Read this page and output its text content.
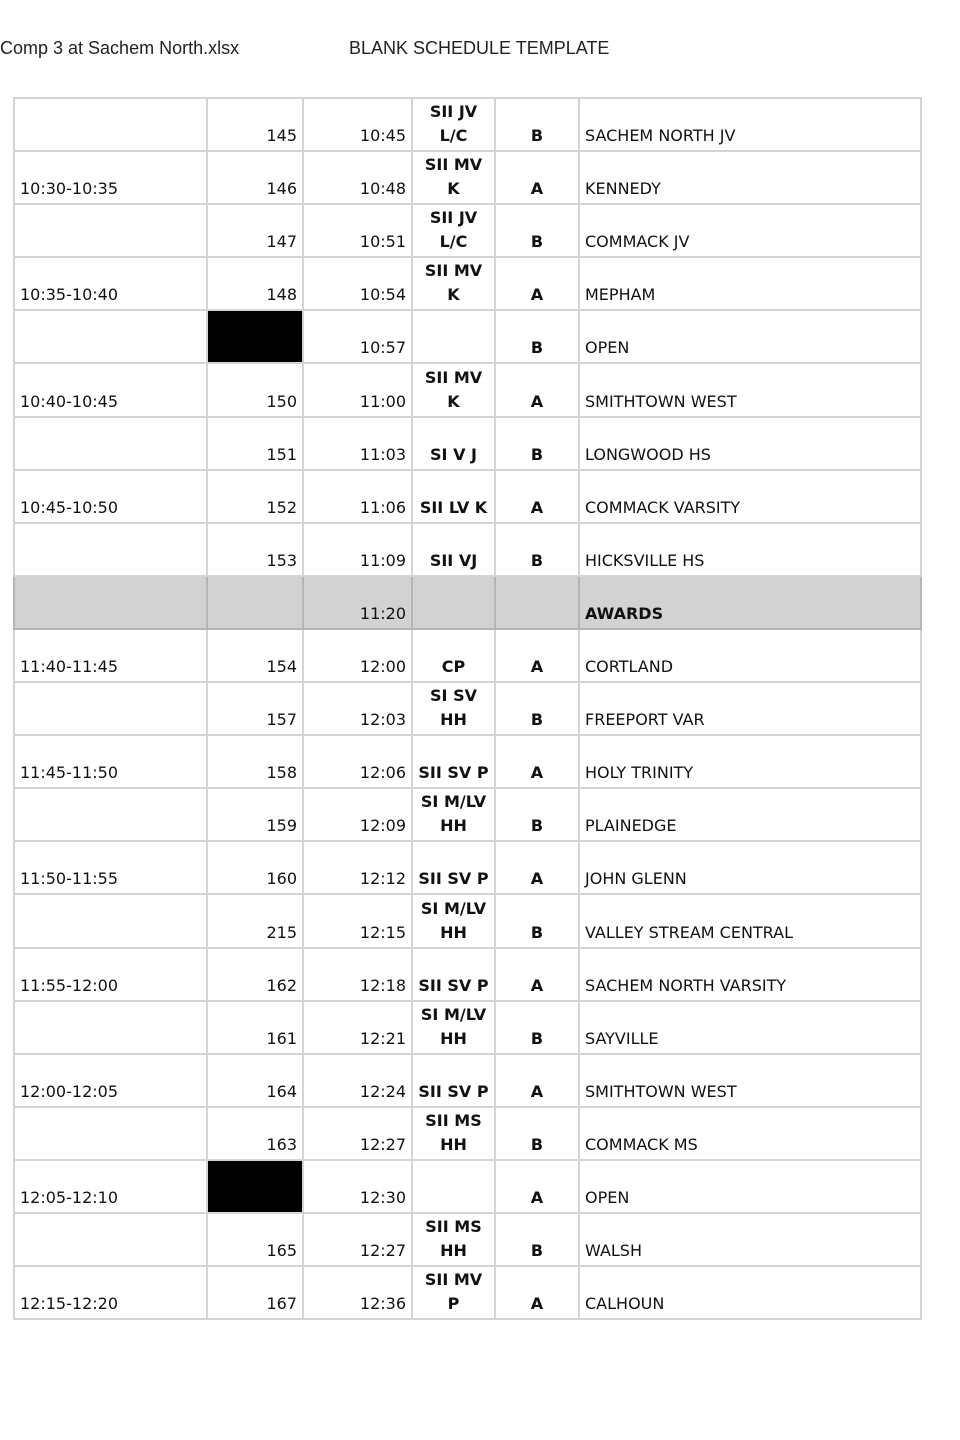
Comp 3 at Sachem North.xlsx	BLANK SCHEDULE TEMPLATE
	145	10:45	SII JV L/C	B	SACHEM NORTH JV
10:30-10:35	146	10:48	SII MV K	A	KENNEDY
	147	10:51	SII JV L/C	B	COMMACK JV
10:35-10:40	148	10:54	SII MV K	A	MEPHAM
		10:57		B	OPEN
10:40-10:45	150	11:00	SII MV K	A	SMITHTOWN WEST
	151	11:03	SI V J	B	LONGWOOD HS
10:45-10:50	152	11:06	SII LV K	A	COMMACK VARSITY
	153	11:09	SII VJ	B	HICKSVILLE HS
		11:20			AWARDS
11:40-11:45	154	12:00	CP	A	CORTLAND
	157	12:03	SI SV HH	B	FREEPORT VAR
11:45-11:50	158	12:06	SII SV P	A	HOLY TRINITY
	159	12:09	SI M/LV HH	B	PLAINEDGE
11:50-11:55	160	12:12	SII SV P	A	JOHN GLENN
	215	12:15	SI M/LV HH	B	VALLEY STREAM CENTRAL
11:55-12:00	162	12:18	SII SV P	A	SACHEM NORTH VARSITY
	161	12:21	SI M/LV HH	B	SAYVILLE
12:00-12:05	164	12:24	SII SV P	A	SMITHTOWN WEST
	163	12:27	SII MS HH	B	COMMACK MS
12:05-12:10		12:30		A	OPEN
	165	12:27	SII MS HH	B	WALSH
12:15-12:20	167	12:36	SII MV P	A	CALHOUN
